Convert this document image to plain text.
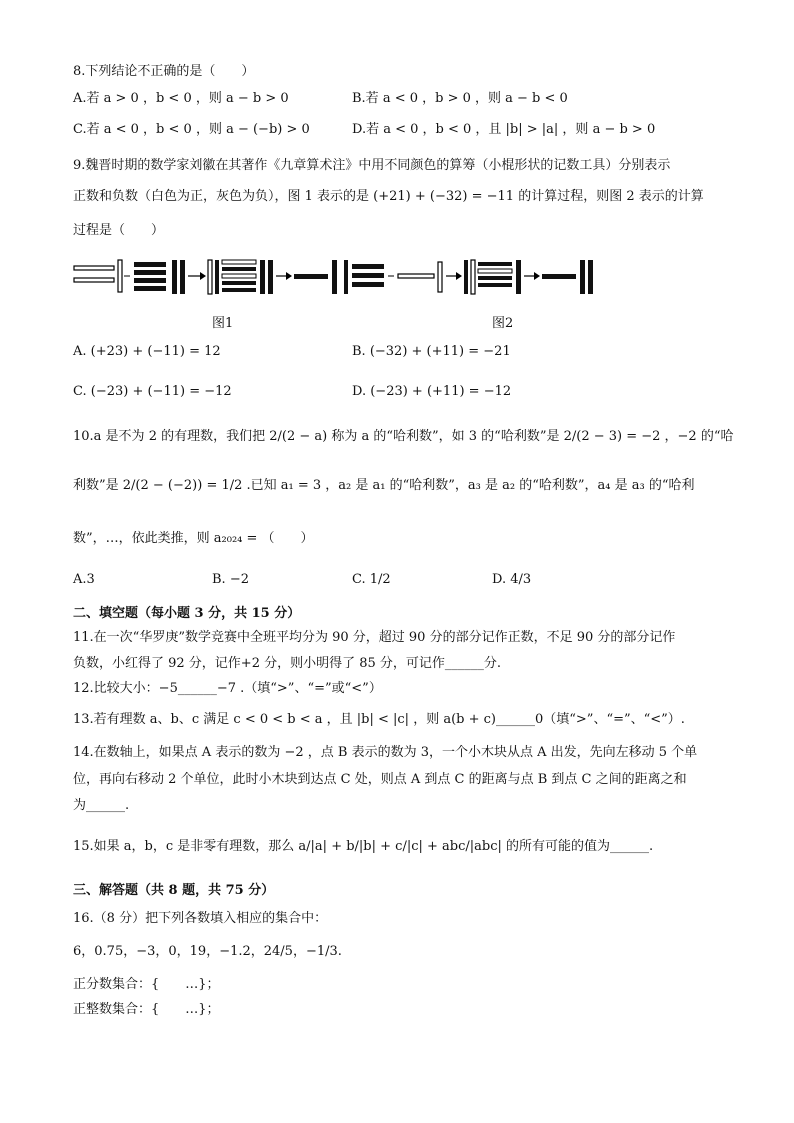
8.下列结论不正确的是（　　）
A.若 a > 0 ，b < 0 ，则 a − b > 0	B.若 a < 0 ，b > 0 ，则 a − b < 0
C.若 a < 0 ，b < 0 ，则 a − (−b) > 0	D.若 a < 0 ，b < 0 ，且 |b| > |a| ，则 a − b > 0
9.魏晋时期的数学家刘徽在其著作《九章算术注》中用不同颜色的算筹（小棍形状的记数工具）分别表示
正数和负数（白色为正，灰色为负），图 1 表示的是 (+21) + (−32) = −11 的计算过程，则图 2 表示的计算
过程是（　　）
图1	图2
A. (+23) + (−11) = 12	B. (−32) + (+11) = −21
C. (−23) + (−11) = −12	D. (−23) + (+11) = −12
10.a 是不为 2 的有理数，我们把 2/(2 − a) 称为 a 的“哈利数”，如 3 的“哈利数”是 2/(2 − 3) = −2 ，−2 的“哈
利数”是 2/(2 − (−2)) = 1/2 .已知 a₁ = 3 ，a₂ 是 a₁ 的“哈利数”，a₃ 是 a₂ 的“哈利数”，a₄ 是 a₃ 的“哈利
数”，…，依此类推，则 a₂₀₂₄ = （　　）
A.3	B. −2	C. 1/2	D. 4/3
二、填空题（每小题 3 分，共 15 分）
11.在一次“华罗庚”数学竞赛中全班平均分为 90 分，超过 90 分的部分记作正数，不足 90 分的部分记作
负数，小红得了 92 分，记作+2 分，则小明得了 85 分，可记作______分.
12.比较大小：−5______−7 .（填“>”、“=”或“<”）
13.若有理数 a、b、c 满足 c < 0 < b < a ，且 |b| < |c| ，则 a(b + c)______0（填“>”、“=”、“<”）.
14.在数轴上，如果点 A 表示的数为 −2 ，点 B 表示的数为 3，一个小木块从点 A 出发，先向左移动 5 个单
位，再向右移动 2 个单位，此时小木块到达点 C 处，则点 A 到点 C 的距离与点 B 到点 C 之间的距离之和
为______.
15.如果 a，b，c 是非零有理数，那么 a/|a| + b/|b| + c/|c| + abc/|abc| 的所有可能的值为______.
三、解答题（共 8 题，共 75 分）
16.（8 分）把下列各数填入相应的集合中：
6，0.75，−3，0，19，−1.2，24/5，−1/3.
正分数集合：{　　…}；
正整数集合：{　　…}；
